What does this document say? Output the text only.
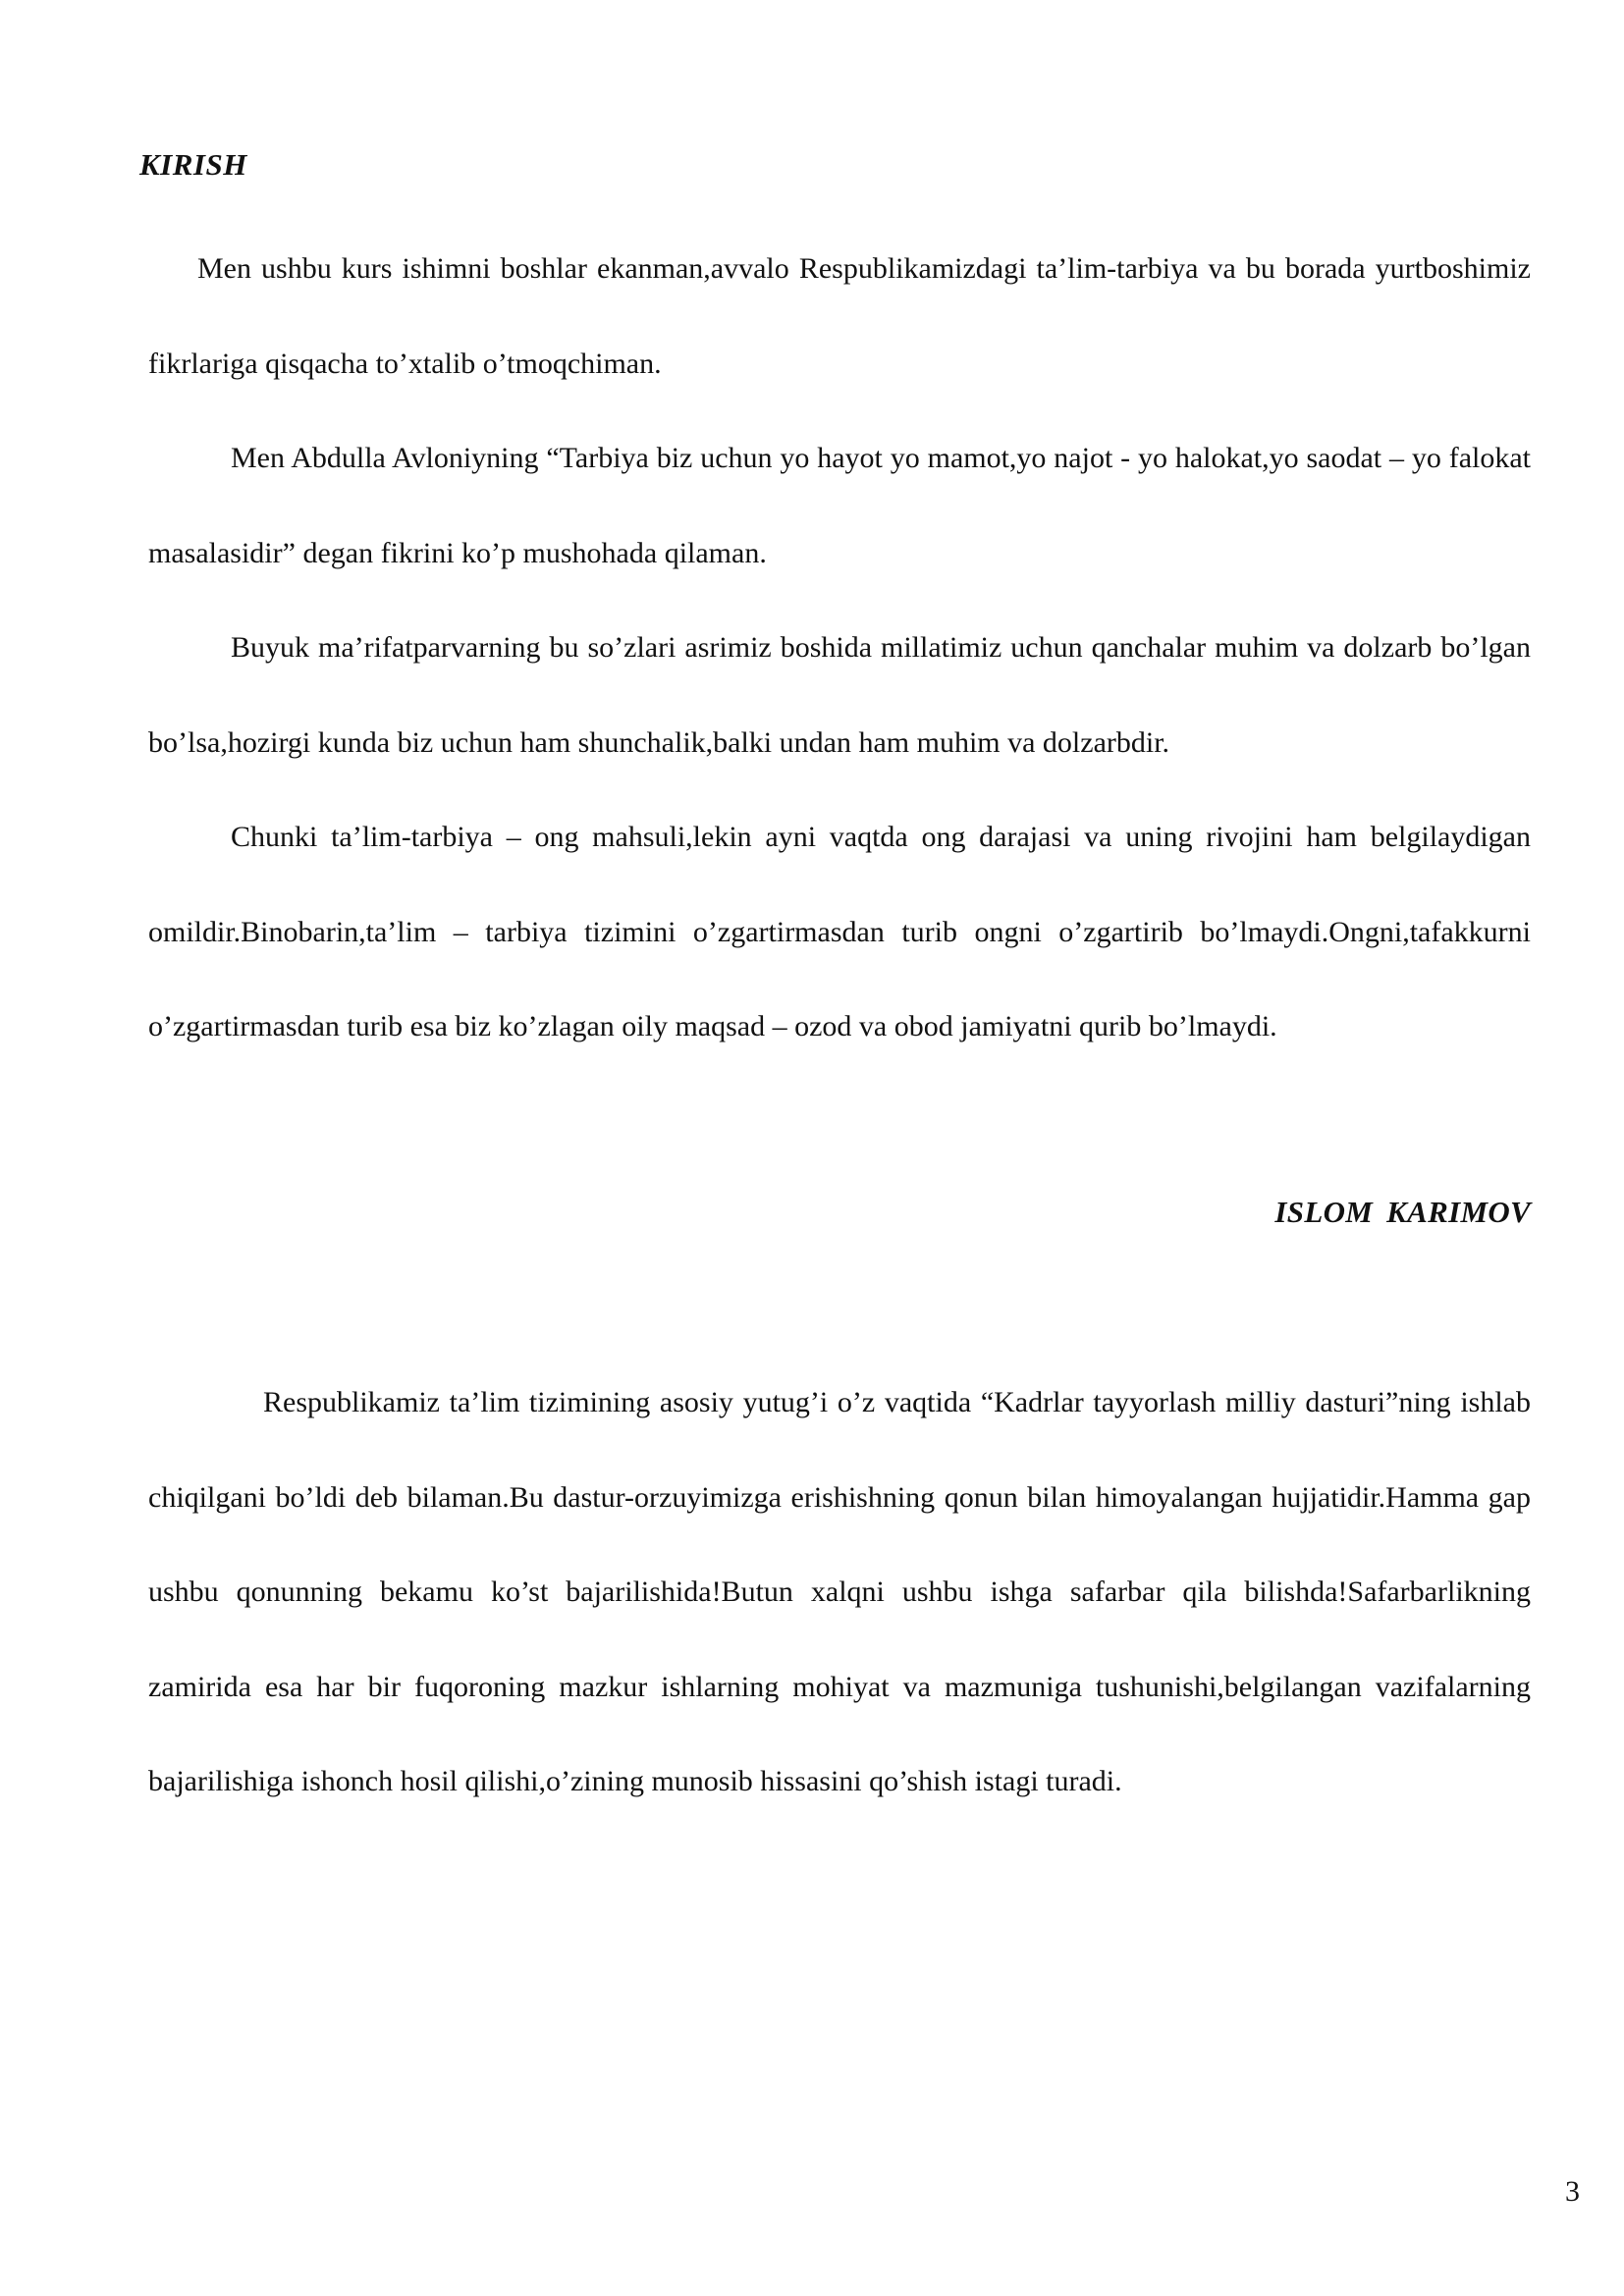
KIRISH

Men ushbu kurs ishimni boshlar ekanman,avvalo Respublikamizdagi ta’lim-tarbiya va bu borada yurtboshimiz fikrlariga qisqacha to’xtalib o’tmoqchiman.

Men Abdulla Avloniyning “Tarbiya biz uchun yo hayot yo mamot,yo najot - yo halokat,yo saodat – yo falokat masalasidir” degan fikrini ko’p mushohada qilaman.

Buyuk ma’rifatparvarning bu so’zlari asrimiz boshida millatimiz uchun qanchalar muhim va dolzarb bo’lgan bo’lsa,hozirgi kunda biz uchun ham shunchalik,balki undan ham muhim va dolzarbdir.

Chunki ta’lim-tarbiya – ong mahsuli,lekin ayni vaqtda ong darajasi va uning rivojini ham belgilaydigan omildir.Binobarin,ta’lim – tarbiya tizimini o’zgartirmasdan turib ongni o’zgartirib bo’lmaydi.Ongni,tafakkurni o’zgartirmasdan turib esa biz ko’zlagan oily maqsad – ozod va obod jamiyatni qurib bo’lmaydi.

ISLOM KARIMOV

Respublikamiz ta’lim tizimining asosiy yutug’i o’z vaqtida “Kadrlar tayyorlash milliy dasturi”ning ishlab chiqilgani bo’ldi deb bilaman.Bu dastur-orzuyimizga erishishning qonun bilan himoyalangan hujjatidir.Hamma gap ushbu qonunning bekamu ko’st bajarilishida!Butun xalqni ushbu ishga safarbar qila bilishda!Safarbarlikning zamirida esa har bir fuqoroning mazkur ishlarning mohiyat va mazmuniga tushunishi,belgilangan vazifalarning bajarilishiga ishonch hosil qilishi,o’zining munosib hissasini qo’shish istagi turadi.

3
